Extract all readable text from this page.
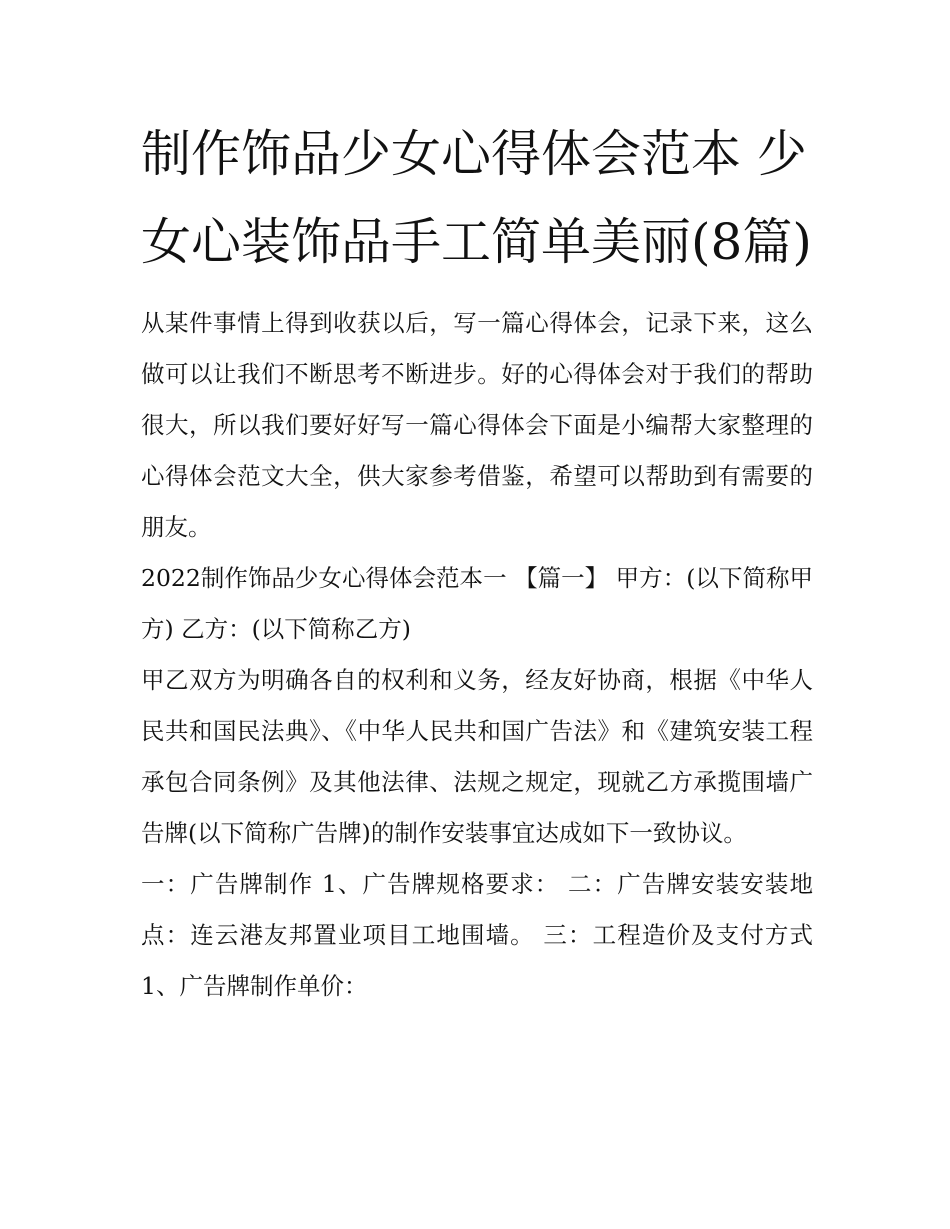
制作饰品少女心得体会范本 少女心装饰品手工简单美丽(8篇)

从某件事情上得到收获以后，写一篇心得体会，记录下来，这么做可以让我们不断思考不断进步。好的心得体会对于我们的帮助很大，所以我们要好好写一篇心得体会下面是小编帮大家整理的心得体会范文大全，供大家参考借鉴，希望可以帮助到有需要的朋友。

2022制作饰品少女心得体会范本一 【篇一】 甲方：(以下简称甲方) 乙方：(以下简称乙方)

甲乙双方为明确各自的权利和义务，经友好协商，根据《中华人民共和国民法典》、《中华人民共和国广告法》和《建筑安装工程承包合同条例》及其他法律、法规之规定，现就乙方承揽围墙广告牌(以下简称广告牌)的制作安装事宜达成如下一致协议。

一：广告牌制作 1、广告牌规格要求： 二：广告牌安装安装地点：连云港友邦置业项目工地围墙。 三：工程造价及支付方式 1、广告牌制作单价：
